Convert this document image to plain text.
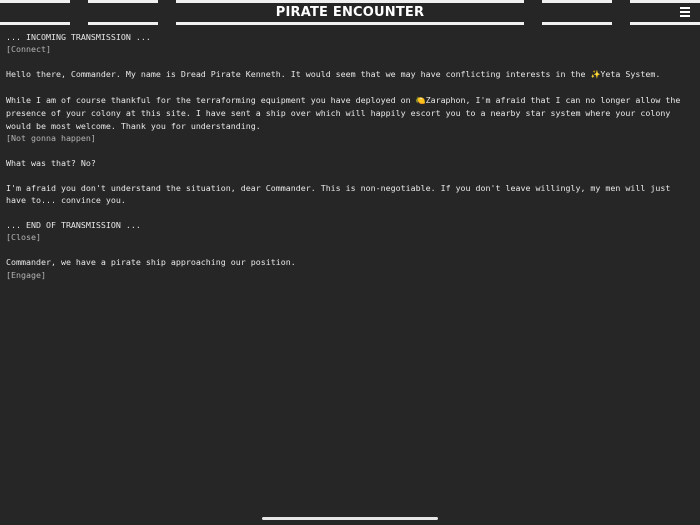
PIRATE ENCOUNTER

... INCOMING TRANSMISSION ...

[Connect]

Hello there, Commander. My name is Dread Pirate Kenneth. It would seem that we may have conflicting interests in the ✨Yeta System.

While I am of course thankful for the terraforming equipment you have deployed on 🍋Zaraphon, I'm afraid that I can no longer allow the presence of your colony at this site. I have sent a ship over which will happily escort you to a nearby star system where your colony would be most welcome. Thank you for understanding.

[Not gonna happen]

What was that? No?

I'm afraid you don't understand the situation, dear Commander. This is non-negotiable. If you don't leave willingly, my men will just have to... convince you.

... END OF TRANSMISSION ...

[Close]

Commander, we have a pirate ship approaching our position.

[Engage]
